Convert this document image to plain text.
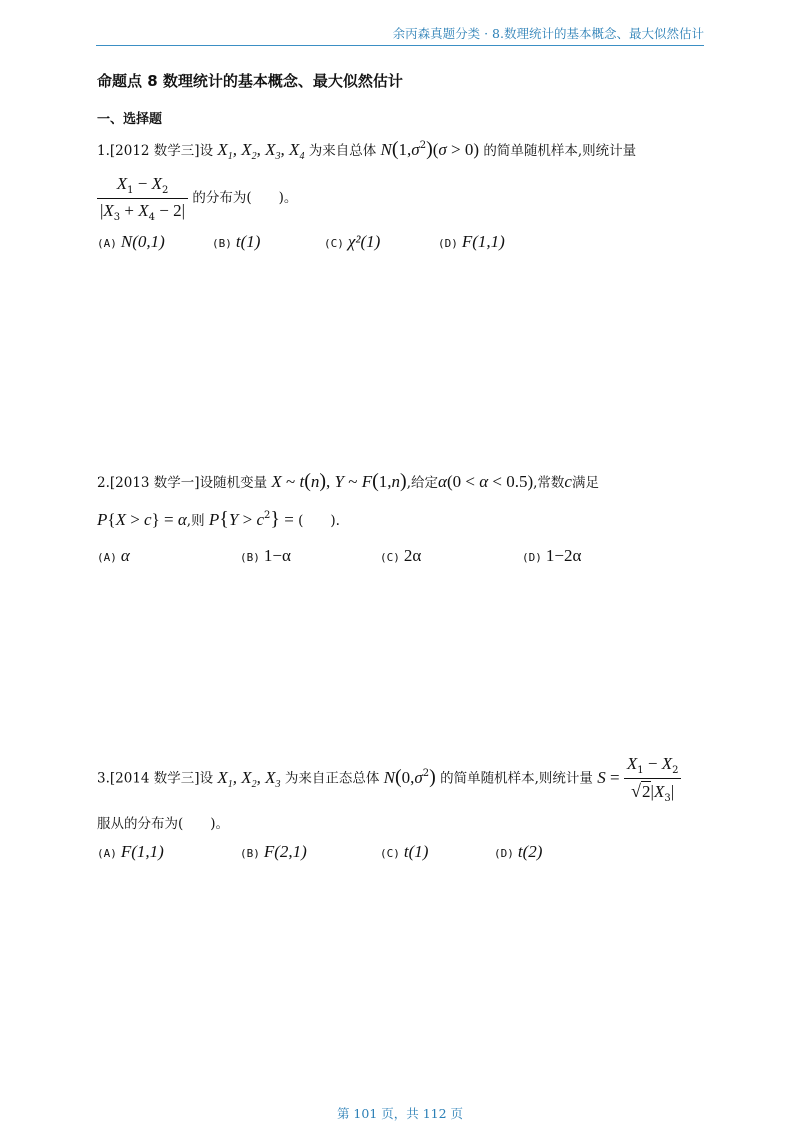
余丙森真题分类 · 8.数理统计的基本概念、最大似然估计
命题点 8 数理统计的基本概念、最大似然估计
一、选择题
1.[2012 数学三]设 $X_1$, $X_2$, $X_3$, $X_4$ 为来自总体 $N(1,\sigma^2)(\sigma > 0)$ 的简单随机样本,则统计量
$\frac{X_1 - X_2}{|X_3 + X_4 - 2|}$ 的分布为(　　)。
(A) N(0,1)	(B) t(1)	(C) χ²(1)	(D) F(1,1)
2.[2013 数学一]设随机变量 X ~ t(n), Y ~ F(1,n),给定α(0 < α < 0.5),常数c满足
P{X > c} = α,则 $P\{Y > c^2\}$ = (　　).
(A) α	(B) 1−α	(C) 2α	(D) 1−2α
3.[2014 数学三]设 $X_1$, $X_2$, $X_3$ 为来自正态总体 $N(0,\sigma^2)$ 的简单随机样本,则统计量 $S = \frac{X_1 - X_2}{√2|X_3|}$
服从的分布为(　　)。
(A) F(1,1)	(B) F(2,1)	(C) t(1)	(D) t(2)
第 101 页，共 112 页
